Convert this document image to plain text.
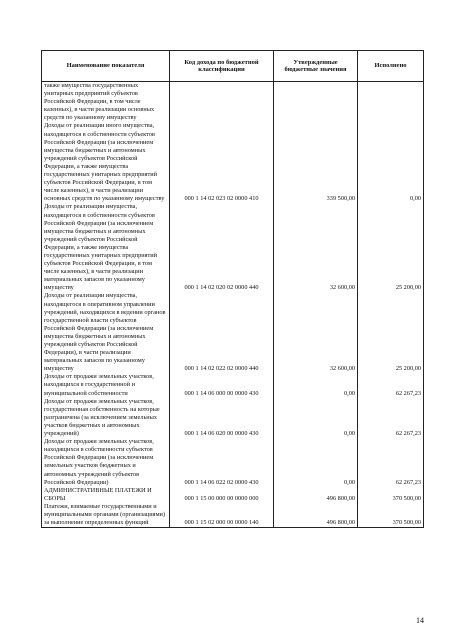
Наименование показателя	Код дохода по бюджетной классификации	Утвержденные бюджетные значения	Исполнено
также имущества государственных унитарных предприятий субъектов Российской Федерации, в том числе казенных), в части реализации основных средств по указанному имуществу			
Доходы от реализации иного имущества, находящегося в собственности субъектов Российской Федерации (за исключением имущества бюджетных и автономных учреждений субъектов Российской Федерации, а также имущества государственных унитарных предприятий субъектов Российской Федерации, в том числе казенных), в части реализации основных средств по указанному имуществу	000 1 14 02 023 02 0000 410	339 500,00	0,00
Доходы от реализации имущества, находящегося в собственности субъектов Российской Федерации (за исключением имущества бюджетных и автономных учреждений субъектов Российской Федерации, а также имущества государственных унитарных предприятий субъектов Российской Федерации, в том числе казенных), в части реализации материальных запасов по указанному имуществу	000 1 14 02 020 02 0000 440	32 600,00	25 200,00
Доходы от реализации имущества, находящегося в оперативном управлении учреждений, находящихся в ведении органов государственной власти субъектов Российской Федерации (за исключением имущества бюджетных и автономных учреждений субъектов Российской Федерации), в части реализации материальных запасов по указанному имуществу	000 1 14 02 022 02 0000 440	32 600,00	25 200,00
Доходы от продажи земельных участков, находящихся в государственной и муниципальной собственности	000 1 14 06 000 00 0000 430	0,00	62 267,23
Доходы от продажи земельных участков, государственная собственность на которые разграничена (за исключением земельных участков бюджетных и автономных учреждений)	000 1 14 06 020 00 0000 430	0,00	62 267,23
Доходы от продажи земельных участков, находящихся в собственности субъектов Российской Федерации (за исключением земельных участков бюджетных и автономных учреждений субъектов Российской Федерации)	000 1 14 06 022 02 0000 430	0,00	62 267,23
АДМИНИСТРАТИВНЫЕ ПЛАТЕЖИ И СБОРЫ	000 1 15 00 000 00 0000 000	496 800,00	370 500,00
Платежи, взимаемые государственными и муниципальными органами (организациями) за выполнение определенных функций	000 1 15 02 000 00 0000 140	496 800,00	370 500,00
14
